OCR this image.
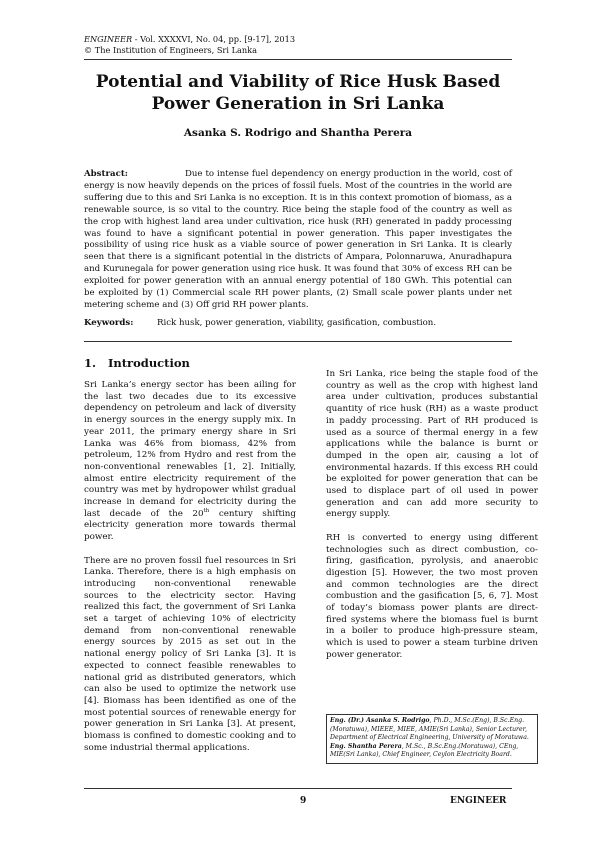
ENGINEER - Vol. XXXXVI, No. 04, pp. [9-17], 2013
© The Institution of Engineers, Sri Lanka
Potential and Viability of Rice Husk Based Power Generation in Sri Lanka
Asanka S. Rodrigo and Shantha Perera
Abstract:	Due to intense fuel dependency on energy production in the world, cost of energy is now heavily depends on the prices of fossil fuels. Most of the countries in the world are suffering due to this and Sri Lanka is no exception. It is in this context promotion of biomass, as a renewable source, is so vital to the country. Rice being the staple food of the country as well as the crop with highest land area under cultivation, rice husk (RH) generated in paddy processing was found to have a significant potential in power generation. This paper investigates the possibility of using rice husk as a viable source of power generation in Sri Lanka. It is clearly seen that there is a significant potential in the districts of Ampara, Polonnaruwa, Anuradhapura and Kurunegala for power generation using rice husk. It was found that 30% of excess RH can be exploited for power generation with an annual energy potential of 180 GWh. This potential can be exploited by (1) Commercial scale RH power plants, (2) Small scale power plants under net metering scheme and (3) Off grid RH power plants.
Keywords:	Rick husk, power generation, viability, gasification, combustion.
1. Introduction

Sri Lanka’s energy sector has been ailing for the last two decades due to its excessive dependency on petroleum and lack of diversity in energy sources in the energy supply mix. In year 2011, the primary energy share in Sri Lanka was 46% from biomass, 42% from petroleum, 12% from Hydro and rest from the non-conventional renewables [1, 2]. Initially, almost entire electricity requirement of the country was met by hydropower whilst gradual increase in demand for electricity during the last decade of the 20th century shifting electricity generation more towards thermal power.

There are no proven fossil fuel resources in Sri Lanka. Therefore, there is a high emphasis on introducing non-conventional renewable sources to the electricity sector. Having realized this fact, the government of Sri Lanka set a target of achieving 10% of electricity demand from non-conventional renewable energy sources by 2015 as set out in the national energy policy of Sri Lanka [3]. It is expected to connect feasible renewables to national grid as distributed generators, which can also be used to optimize the network use [4]. Biomass has been identified as one of the most potential sources of renewable energy for power generation in Sri Lanka [3]. At present, biomass is confined to domestic cooking and to some industrial thermal applications.

In Sri Lanka, rice being the staple food of the country as well as the crop with highest land area under cultivation, produces substantial quantity of rice husk (RH) as a waste product in paddy processing. Part of RH produced is used as a source of thermal energy in a few applications while the balance is burnt or dumped in the open air, causing a lot of environmental hazards. If this excess RH could be exploited for power generation that can be used to displace part of oil used in power generation and can add more security to energy supply.

RH is converted to energy using different technologies such as direct combustion, co-firing, gasification, pyrolysis, and anaerobic digestion [5]. However, the two most proven and common technologies are the direct combustion and the gasification [5, 6, 7]. Most of today’s biomass power plants are direct-fired systems where the biomass fuel is burnt in a boiler to produce high-pressure steam, which is used to power a steam turbine driven power generator.

Eng. (Dr.) Asanka S. Rodrigo, Ph.D., M.Sc.(Eng), B.Sc.Eng.(Moratuwa), MIEEE, MIEE, AMIE(Sri Lanka), Senior Lecturer, Department of Electrical Engineering, University of Moratuwa.

Eng. Shantha Perera, M.Sc., B.Sc.Eng.(Moratuwa), CEng, MIE(Sri Lanka), Chief Engineer, Ceylon Electricity Board.

9	ENGINEER
